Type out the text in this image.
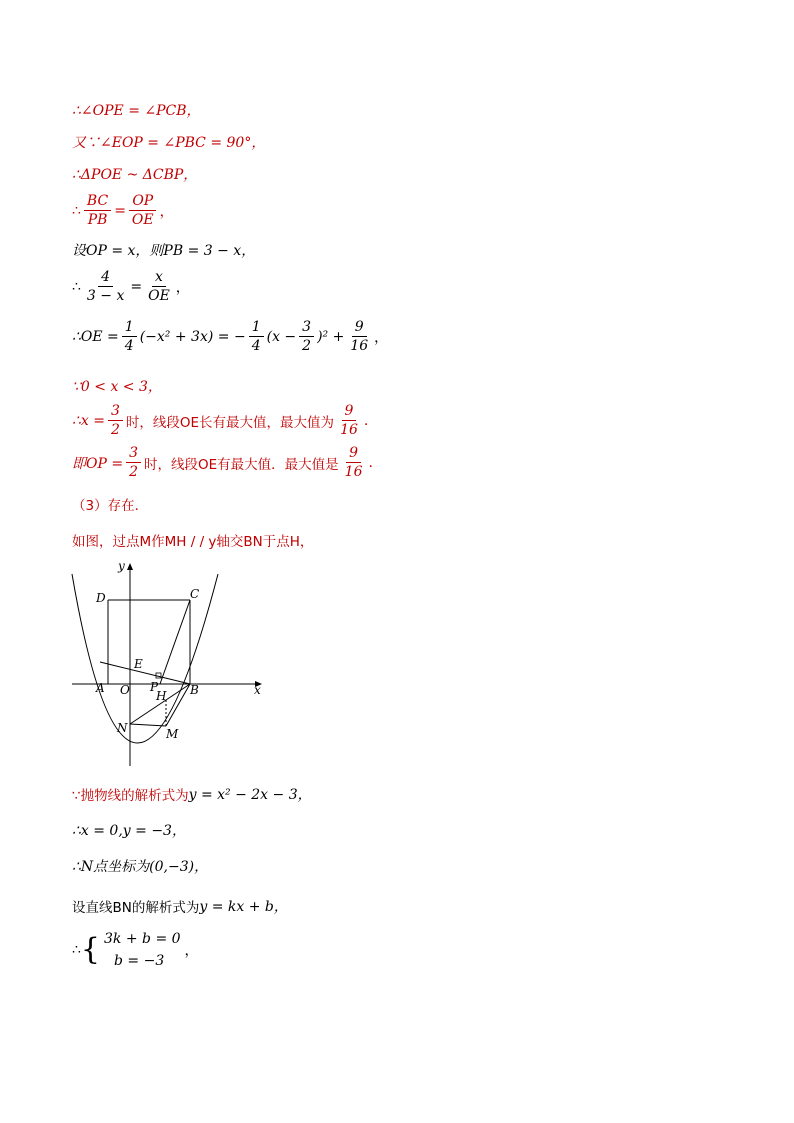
∴∠OPE = ∠PCB，
又∵∠EOP = ∠PBC = 90°，
∴ΔPOE ~ ΔCBP，
∴ $\frac{BC}{PB} = \frac{OP}{OE}$ ，
设OP = x，则PB = 3 − x，
∴ $\frac{4}{3 - x} = \frac{x}{OE}$ ，
∴OE = $\frac{1}{4} (-x^2 + 3x)$ = − $\frac{1}{4} (x - \frac{3}{2} )^2 + \frac{9}{16}$ ，
∵0 < x < 3，
∴x = $\frac{3}{2}$ 时，线段OE长有最大值，最大值为 $\frac{9}{16}$ .
即OP = $\frac{3}{2}$ 时，线段OE有最大值．最大值是 $\frac{9}{16}$ .
（3）存在．
如图，过点M作MH / / y轴交BN于点H，
y
x
D	C
E
A O P
H B
N	M
∵抛物线的解析式为 y = x² − 2x − 3，
∴x = 0,y = −3，
∴N点坐标为(0,−3)，
设直线BN的解析式为 y = kx + b，
∴ { 3k + b = 0
b = −3
，
